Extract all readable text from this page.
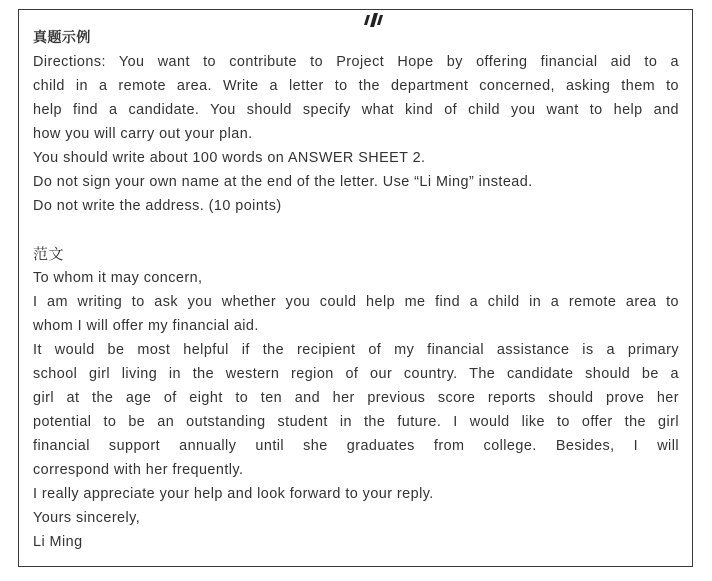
真题示例
Directions: You want to contribute to Project Hope by offering financial aid to a
child in a remote area. Write a letter to the department concerned, asking them to
help find a candidate. You should specify what kind of child you want to help and
how you will carry out your plan.
You should write about 100 words on ANSWER SHEET 2.
Do not sign your own name at the end of the letter. Use “Li Ming” instead.
Do not write the address. (10 points)
范文
To whom it may concern,
I am writing to ask you whether you could help me find a child in a remote area to
whom I will offer my financial aid.
It would be most helpful if the recipient of my financial assistance is a primary
school girl living in the western region of our country. The candidate should be a
girl at the age of eight to ten and her previous score reports should prove her
potential to be an outstanding student in the future. I would like to offer the girl
financial support annually until she graduates from college. Besides, I will
correspond with her frequently.
I really appreciate your help and look forward to your reply.
Yours sincerely,
Li Ming
